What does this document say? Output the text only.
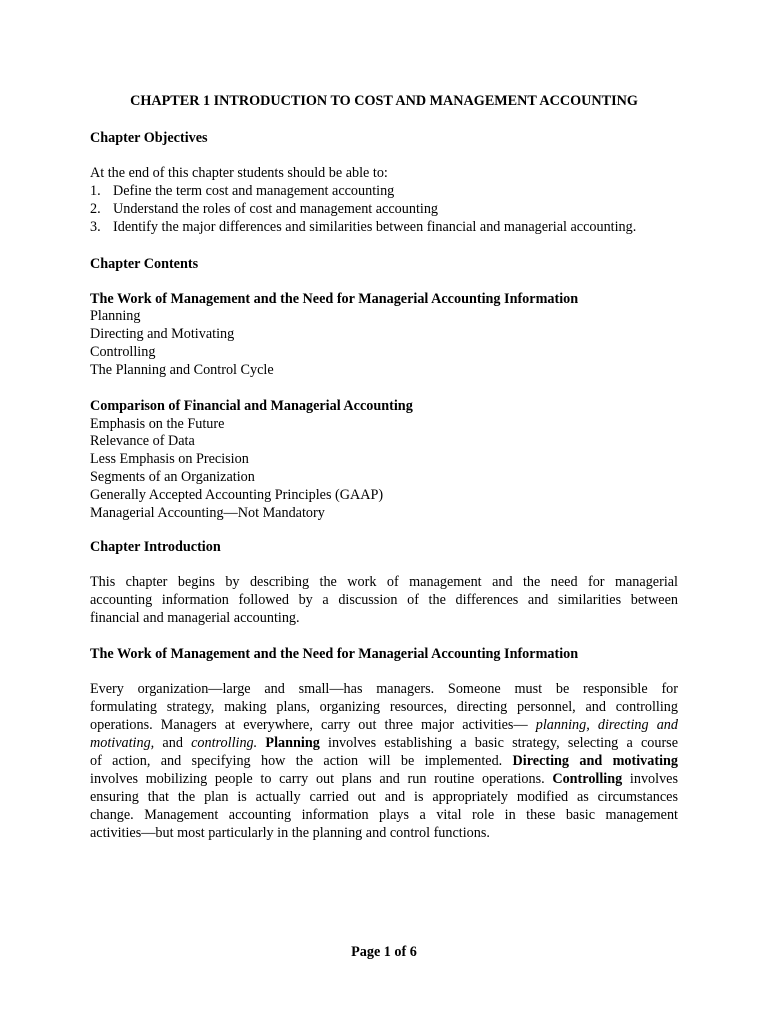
CHAPTER 1 INTRODUCTION TO COST AND MANAGEMENT ACCOUNTING
Chapter Objectives
At the end of this chapter students should be able to:
1. Define the term cost and management accounting
2. Understand the roles of cost and management accounting
3. Identify the major differences and similarities between financial and managerial accounting.
Chapter Contents
The Work of Management and the Need for Managerial Accounting Information
Planning
Directing and Motivating
Controlling
The Planning and Control Cycle
Comparison of Financial and Managerial Accounting
Emphasis on the Future
Relevance of Data
Less Emphasis on Precision
Segments of an Organization
Generally Accepted Accounting Principles (GAAP)
Managerial Accounting—Not Mandatory
Chapter Introduction
This chapter begins by describing the work of management and the need for managerial
accounting information followed by a discussion of the differences and similarities between
financial and managerial accounting.
The Work of Management and the Need for Managerial Accounting Information
Every organization—large and small—has managers. Someone must be responsible for
formulating strategy, making plans, organizing resources, directing personnel, and controlling
operations. Managers at everywhere, carry out three major activities— planning, directing and
motivating, and controlling. Planning involves establishing a basic strategy, selecting a course
of action, and specifying how the action will be implemented. Directing and motivating
involves mobilizing people to carry out plans and run routine operations. Controlling involves
ensuring that the plan is actually carried out and is appropriately modified as circumstances
change. Management accounting information plays a vital role in these basic management
activities—but most particularly in the planning and control functions.
Page 1 of 6
